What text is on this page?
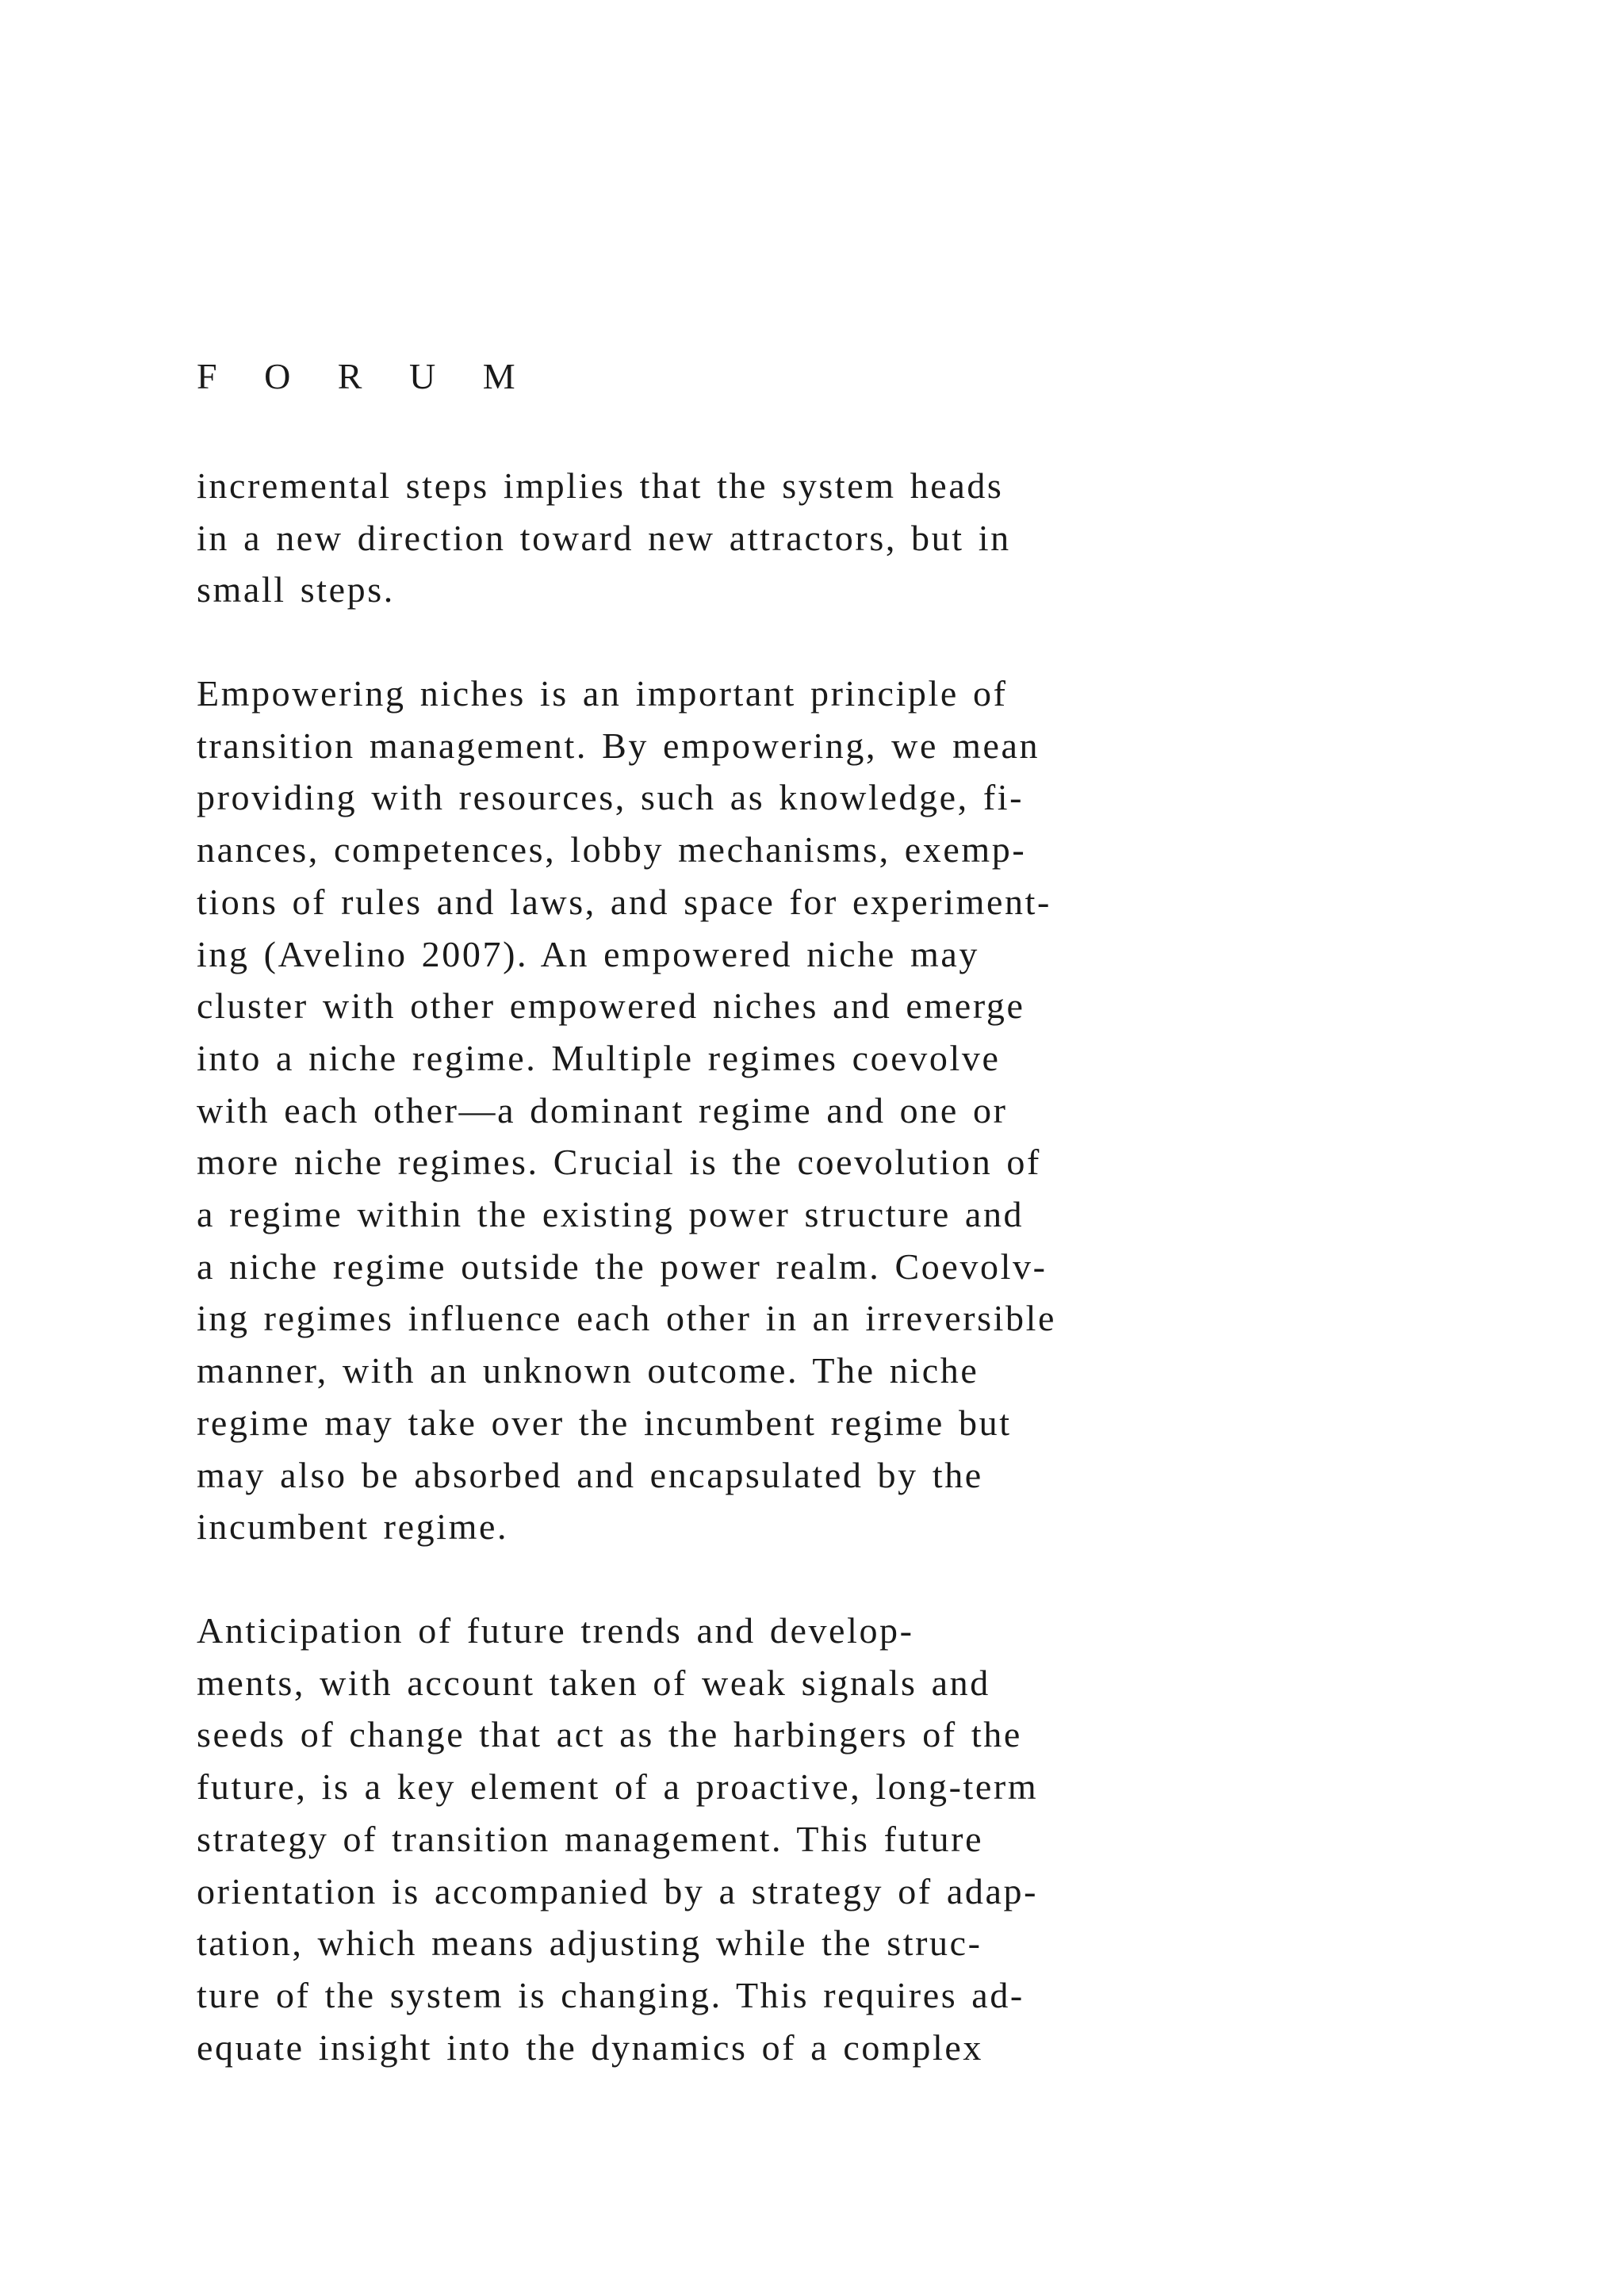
F O R U M
incremental steps implies that the system heads
in a new direction toward new attractors, but in
small steps.
Empowering niches is an important principle of
transition management. By empowering, we mean
providing with resources, such as knowledge, fi-
nances, competences, lobby mechanisms, exemp-
tions of rules and laws, and space for experiment-
ing (Avelino 2007). An empowered niche may
cluster with other empowered niches and emerge
into a niche regime. Multiple regimes coevolve
with each other—a dominant regime and one or
more niche regimes. Crucial is the coevolution of
a regime within the existing power structure and
a niche regime outside the power realm. Coevolv-
ing regimes influence each other in an irreversible
manner, with an unknown outcome. The niche
regime may take over the incumbent regime but
may also be absorbed and encapsulated by the
incumbent regime.
Anticipation of future trends and develop-
ments, with account taken of weak signals and
seeds of change that act as the harbingers of the
future, is a key element of a proactive, long-term
strategy of transition management. This future
orientation is accompanied by a strategy of adap-
tation, which means adjusting while the struc-
ture of the system is changing. This requires ad-
equate insight into the dynamics of a complex
